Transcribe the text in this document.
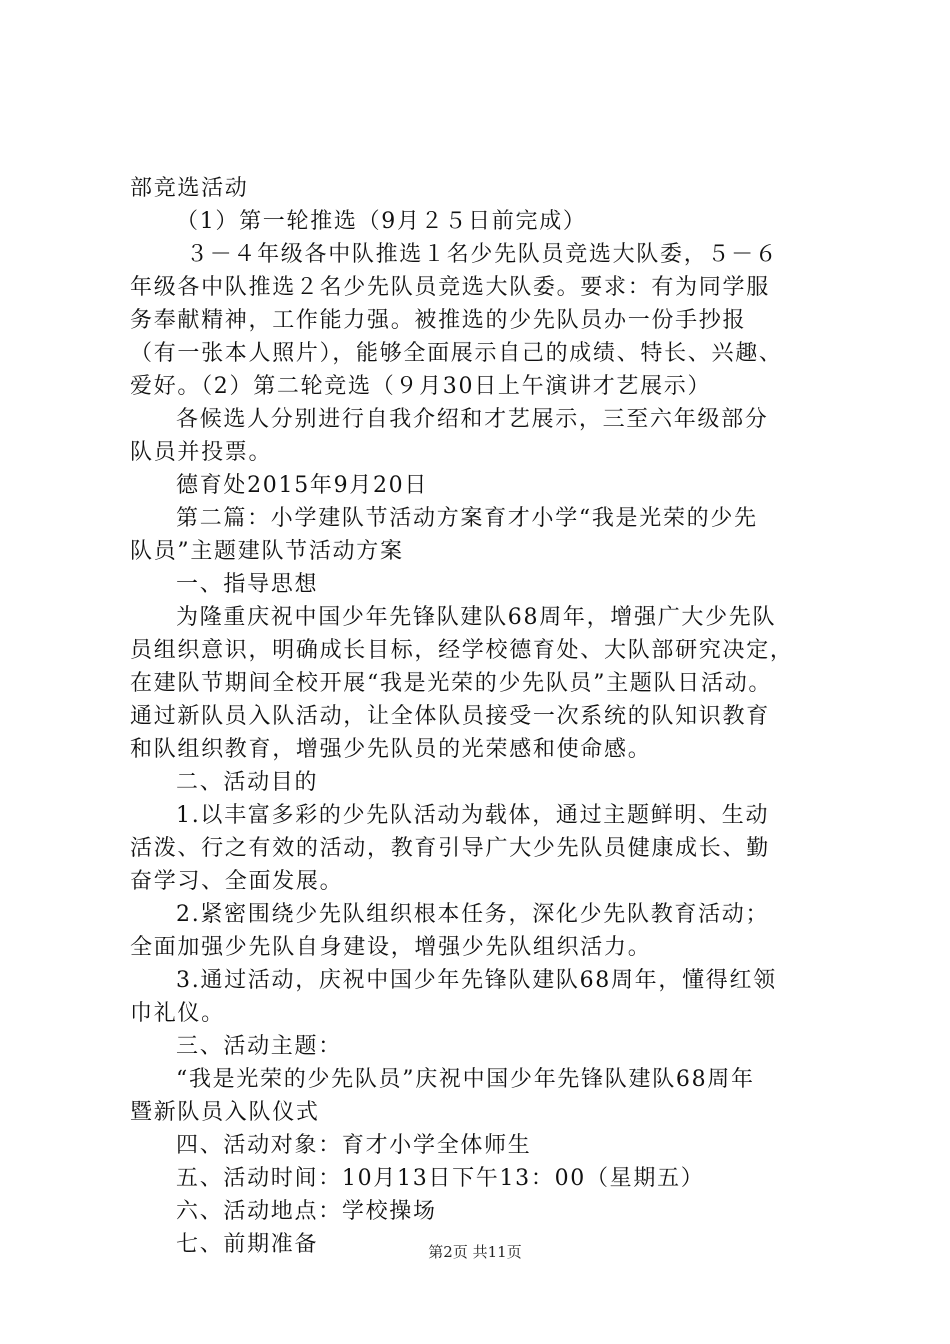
部竞选活动
（1）第一轮推选（9月２５日前完成）
３－４年级各中队推选１名少先队员竞选大队委，５－６
年级各中队推选２名少先队员竞选大队委。要求：有为同学服
务奉献精神，工作能力强。被推选的少先队员办一份手抄报
（有一张本人照片），能够全面展示自己的成绩、特长、兴趣、
爱好。（2）第二轮竞选（９月30日上午演讲才艺展示）
各候选人分别进行自我介绍和才艺展示，三至六年级部分
队员并投票。
德育处2015年9月20日
第二篇：小学建队节活动方案育才小学“我是光荣的少先
队员”主题建队节活动方案
一、指导思想
为隆重庆祝中国少年先锋队建队68周年，增强广大少先队
员组织意识，明确成长目标，经学校德育处、大队部研究决定，
在建队节期间全校开展“我是光荣的少先队员”主题队日活动。
通过新队员入队活动，让全体队员接受一次系统的队知识教育
和队组织教育，增强少先队员的光荣感和使命感。
二、活动目的
1.以丰富多彩的少先队活动为载体，通过主题鲜明、生动
活泼、行之有效的活动，教育引导广大少先队员健康成长、勤
奋学习、全面发展。
2.紧密围绕少先队组织根本任务，深化少先队教育活动；
全面加强少先队自身建设，增强少先队组织活力。
3.通过活动，庆祝中国少年先锋队建队68周年，懂得红领
巾礼仪。
三、活动主题：
“我是光荣的少先队员”庆祝中国少年先锋队建队68周年
暨新队员入队仪式
四、活动对象：育才小学全体师生
五、活动时间：10月13日下午13：00（星期五）
六、活动地点：学校操场
七、前期准备	第2页 共11页
